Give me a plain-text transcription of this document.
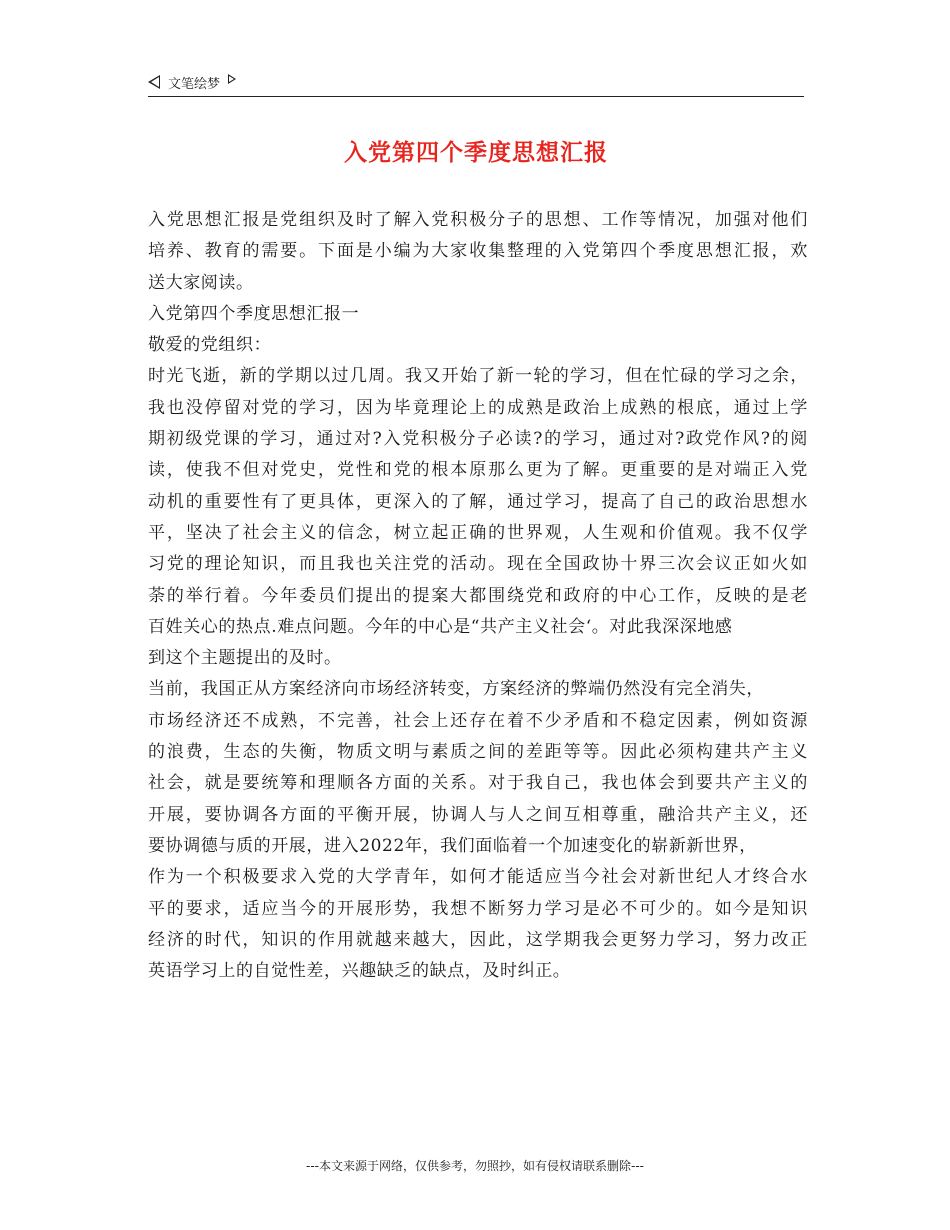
文笔绘梦
入党第四个季度思想汇报
入党思想汇报是党组织及时了解入党积极分子的思想、工作等情况，加强对他们
培养、教育的需要。下面是小编为大家收集整理的入党第四个季度思想汇报，欢
送大家阅读。
入党第四个季度思想汇报一
敬爱的党组织：
时光飞逝，新的学期以过几周。我又开始了新一轮的学习，但在忙碌的学习之余，
我也没停留对党的学习，因为毕竟理论上的成熟是政治上成熟的根底，通过上学
期初级党课的学习，通过对?入党积极分子必读?的学习，通过对?政党作风?的阅
读，使我不但对党史，党性和党的根本原那么更为了解。更重要的是对端正入党
动机的重要性有了更具体，更深入的了解，通过学习，提高了自己的政治思想水
平，坚决了社会主义的信念，树立起正确的世界观，人生观和价值观。我不仅学
习党的理论知识，而且我也关注党的活动。现在全国政协十界三次会议正如火如
荼的举行着。今年委员们提出的提案大都围绕党和政府的中心工作，反映的是老
百姓关心的热点.难点问题。今年的中心是“共产主义社会‘。对此我深深地感
到这个主题提出的及时。
当前，我国正从方案经济向市场经济转变，方案经济的弊端仍然没有完全消失，
市场经济还不成熟，不完善，社会上还存在着不少矛盾和不稳定因素，例如资源
的浪费，生态的失衡，物质文明与素质之间的差距等等。因此必须构建共产主义
社会，就是要统筹和理顺各方面的关系。对于我自己，我也体会到要共产主义的
开展，要协调各方面的平衡开展，协调人与人之间互相尊重，融洽共产主义，还
要协调德与质的开展，进入2022年，我们面临着一个加速变化的崭新新世界，
作为一个积极要求入党的大学青年，如何才能适应当今社会对新世纪人才终合水
平的要求，适应当今的开展形势，我想不断努力学习是必不可少的。如今是知识
经济的时代，知识的作用就越来越大，因此，这学期我会更努力学习，努力改正
英语学习上的自觉性差，兴趣缺乏的缺点，及时纠正。
---本文来源于网络，仅供参考，勿照抄，如有侵权请联系删除---
